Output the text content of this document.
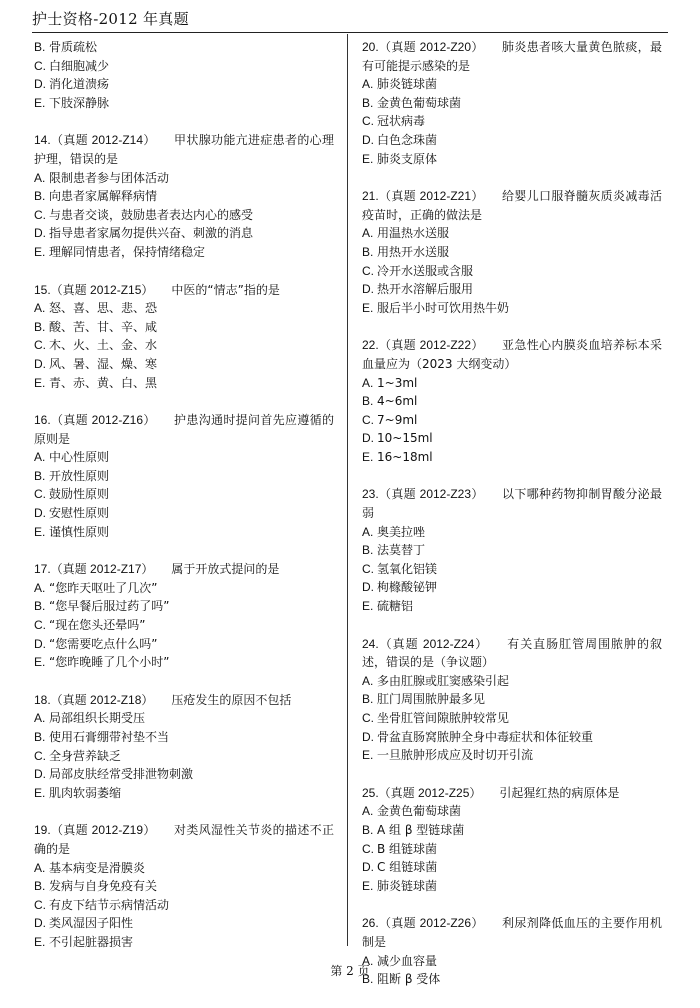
护士资格-2012 年真题
B. 骨质疏松
C. 白细胞减少
D. 消化道溃疡
E. 下肢深静脉
14.（真题 2012-Z14） 甲状腺功能亢进症患者的心理护理，错误的是
A. 限制患者参与团体活动
B. 向患者家属解释病情
C. 与患者交谈，鼓励患者表达内心的感受
D. 指导患者家属勿提供兴奋、刺激的消息
E. 理解同情患者，保持情绪稳定
15.（真题 2012-Z15） 中医的“情志”指的是
A. 怒、喜、思、悲、恐
B. 酸、苦、甘、辛、咸
C. 木、火、土、金、水
D. 风、暑、湿、燥、寒
E. 青、赤、黄、白、黑
16.（真题 2012-Z16） 护患沟通时提问首先应遵循的原则是
A. 中心性原则
B. 开放性原则
C. 鼓励性原则
D. 安慰性原则
E. 谨慎性原则
17.（真题 2012-Z17） 属于开放式提问的是
A. “您昨天呕吐了几次”
B. “您早餐后服过药了吗”
C. “现在您头还晕吗”
D. “您需要吃点什么吗”
E. “您昨晚睡了几个小时”
18.（真题 2012-Z18） 压疮发生的原因不包括
A. 局部组织长期受压
B. 使用石膏绷带衬垫不当
C. 全身营养缺乏
D. 局部皮肤经常受排泄物刺激
E. 肌肉软弱萎缩
19.（真题 2012-Z19） 对类风湿性关节炎的描述不正确的是
A. 基本病变是滑膜炎
B. 发病与自身免疫有关
C. 有皮下结节示病情活动
D. 类风湿因子阳性
E. 不引起脏器损害
20.（真题 2012-Z20） 肺炎患者咳大量黄色脓痰，最有可能提示感染的是
A. 肺炎链球菌
B. 金黄色葡萄球菌
C. 冠状病毒
D. 白色念珠菌
E. 肺炎支原体
21.（真题 2012-Z21） 给婴儿口服脊髓灰质炎减毒活疫苗时，正确的做法是
A. 用温热水送服
B. 用热开水送服
C. 冷开水送服或含服
D. 热开水溶解后服用
E. 服后半小时可饮用热牛奶
22.（真题 2012-Z22） 亚急性心内膜炎血培养标本采血量应为（2023 大纲变动）
A. 1~3ml
B. 4~6ml
C. 7~9ml
D. 10~15ml
E. 16~18ml
23.（真题 2012-Z23） 以下哪种药物抑制胃酸分泌最弱
A. 奥美拉唑
B. 法莫替丁
C. 氢氧化铝镁
D. 枸橼酸铋钾
E. 硫糖铝
24.（真题 2012-Z24） 有关直肠肛管周围脓肿的叙述，错误的是（争议题）
A. 多由肛腺或肛窦感染引起
B. 肛门周围脓肿最多见
C. 坐骨肛管间隙脓肿较常见
D. 骨盆直肠窝脓肿全身中毒症状和体征较重
E. 一旦脓肿形成应及时切开引流
25.（真题 2012-Z25） 引起猩红热的病原体是
A. 金黄色葡萄球菌
B. A 组 β 型链球菌
C. B 组链球菌
D. C 组链球菌
E. 肺炎链球菌
26.（真题 2012-Z26） 利尿剂降低血压的主要作用机制是
A. 减少血容量
B. 阻断 β 受体
第 2 页
